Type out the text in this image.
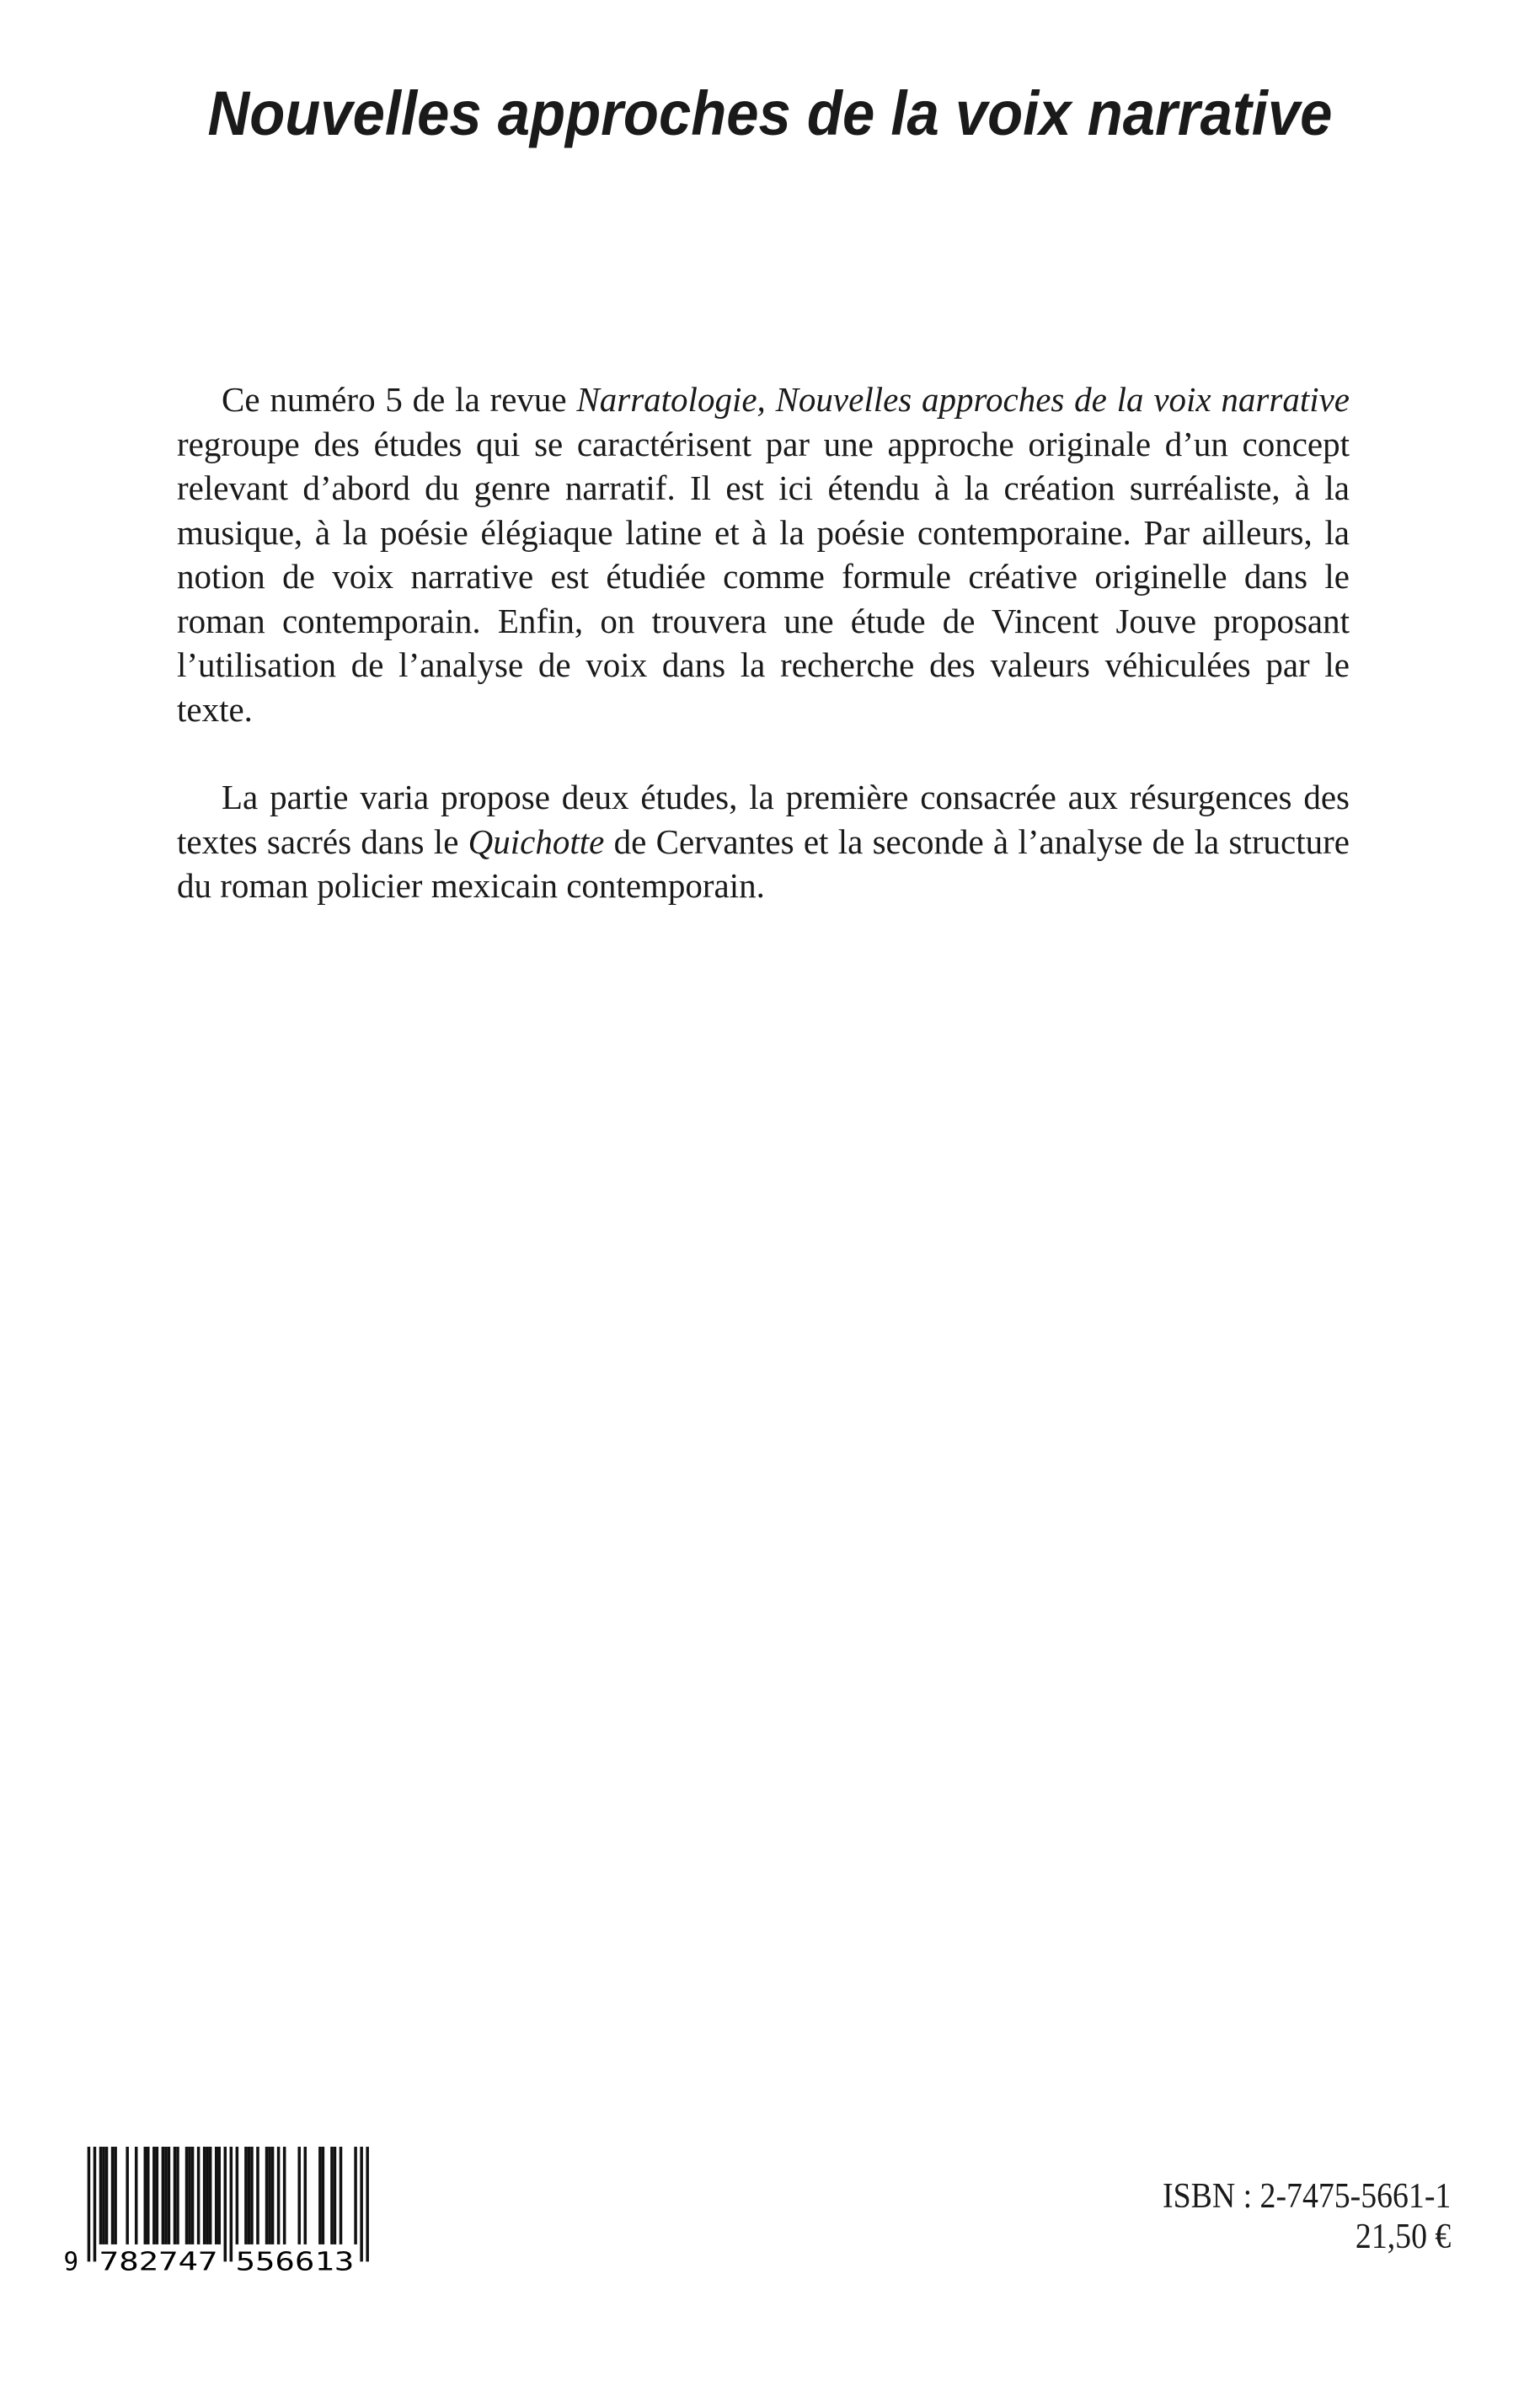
Nouvelles approches de la voix narrative

Ce numéro 5 de la revue Narratologie, Nouvelles approches de la voix narrative regroupe des études qui se caractérisent par une approche originale d’un concept relevant d’abord du genre narratif. Il est ici étendu à la création surréaliste, à la musique, à la poésie élégiaque latine et à la poésie contemporaine. Par ailleurs, la notion de voix narrative est étudiée comme formule créative originelle dans le roman contemporain. Enfin, on trouvera une étude de Vincent Jouve proposant l’utilisation de l’analyse de voix dans la recherche des valeurs véhiculées par le texte.

La partie varia propose deux études, la première consacrée aux résurgences des textes sacrés dans le Quichotte de Cervantes et la seconde à l’analyse de la structure du roman policier mexicain contemporain.

9	782747 556613
ISBN : 2-7475-5661-1
21,50 €
